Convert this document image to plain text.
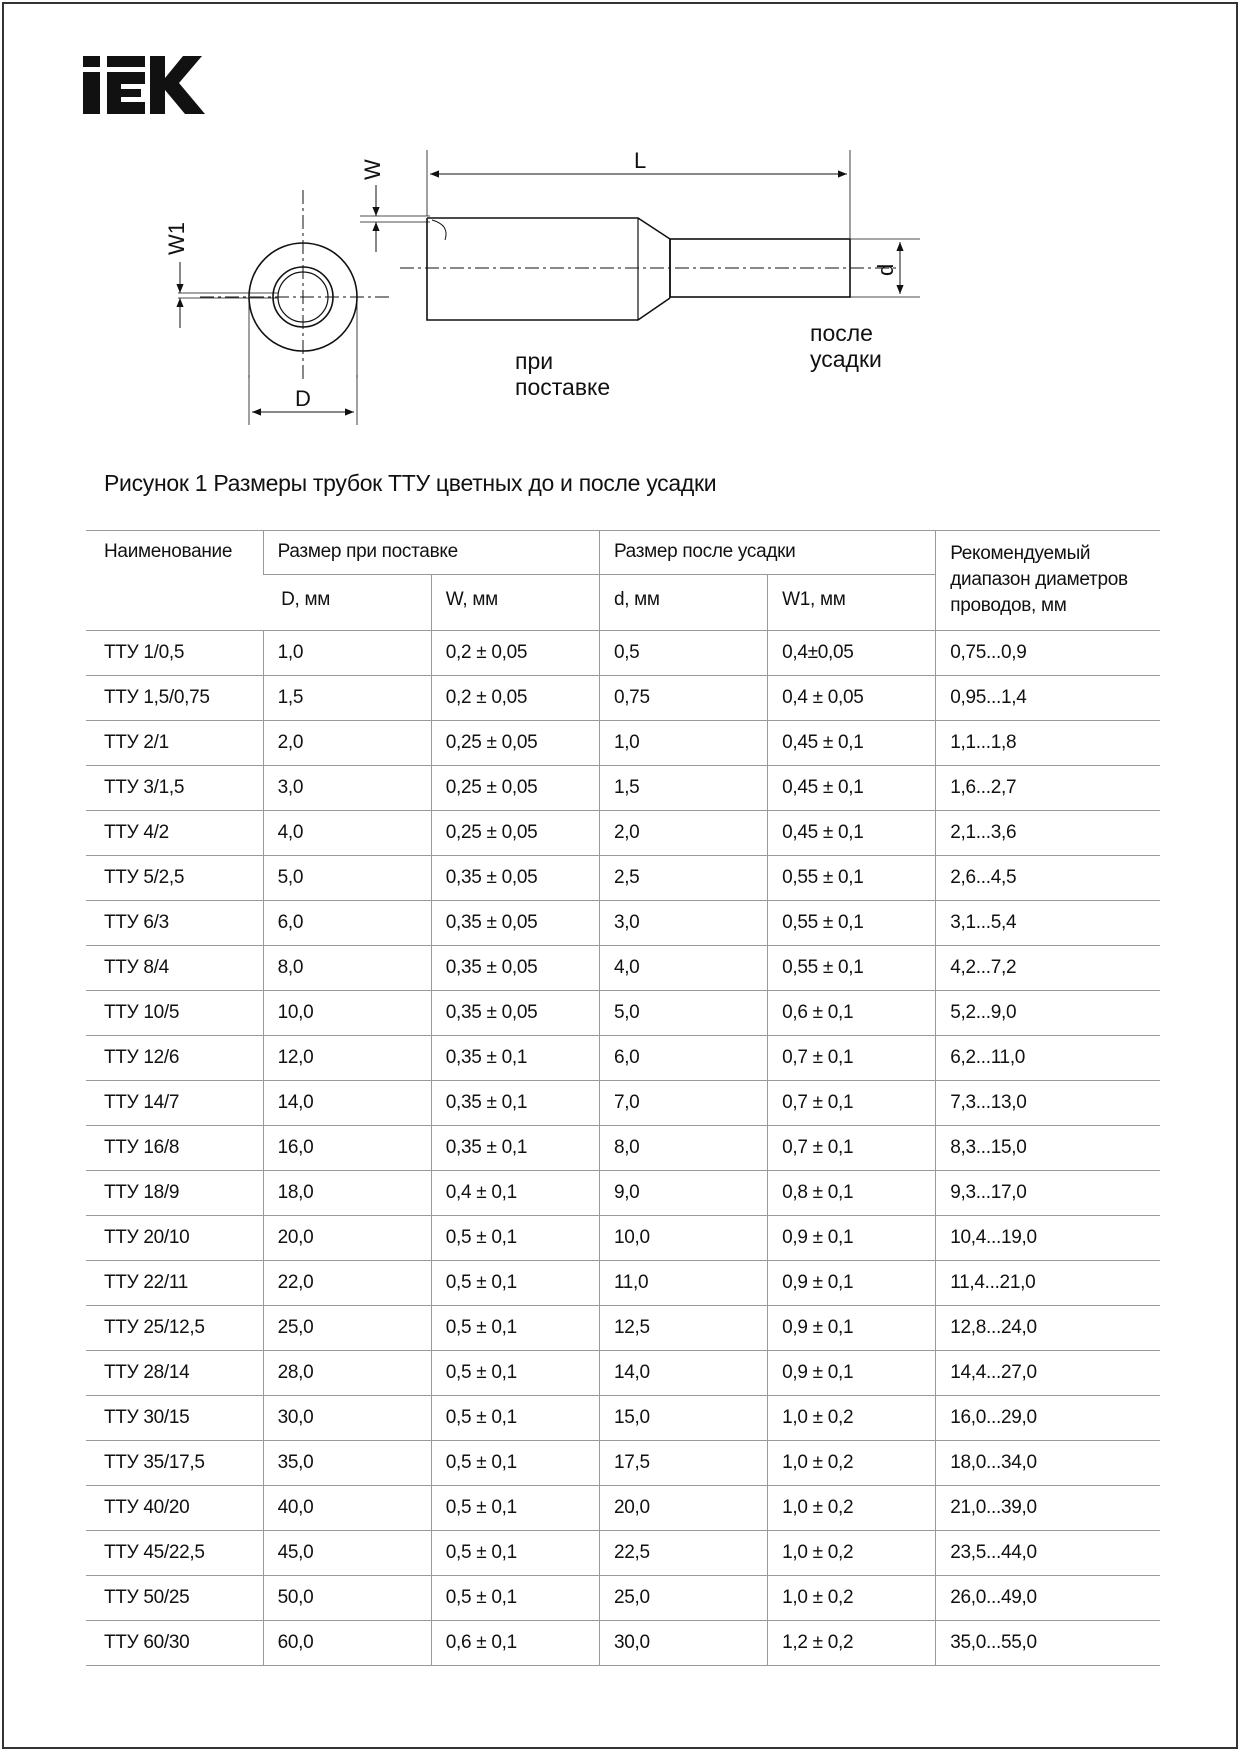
W
W1
L
D
d
при
поставке
после
усадки
Рисунок 1 Размеры трубок ТТУ цветных до и после усадки
Наименование	Размер при поставке		Размер после усадки		Рекомендуемый диапазон диаметров проводов, мм
	D, мм	W, мм	d, мм	W1, мм	
ТТУ 1/0,5	1,0	0,2 ± 0,05	0,5	0,4±0,05	0,75...0,9
ТТУ 1,5/0,75	1,5	0,2 ± 0,05	0,75	0,4 ± 0,05	0,95...1,4
ТТУ 2/1	2,0	0,25 ± 0,05	1,0	0,45 ± 0,1	1,1...1,8
ТТУ 3/1,5	3,0	0,25 ± 0,05	1,5	0,45 ± 0,1	1,6...2,7
ТТУ 4/2	4,0	0,25 ± 0,05	2,0	0,45 ± 0,1	2,1...3,6
ТТУ 5/2,5	5,0	0,35 ± 0,05	2,5	0,55 ± 0,1	2,6...4,5
ТТУ 6/3	6,0	0,35 ± 0,05	3,0	0,55 ± 0,1	3,1...5,4
ТТУ 8/4	8,0	0,35 ± 0,05	4,0	0,55 ± 0,1	4,2...7,2
ТТУ 10/5	10,0	0,35 ± 0,05	5,0	0,6 ± 0,1	5,2...9,0
ТТУ 12/6	12,0	0,35 ± 0,1	6,0	0,7 ± 0,1	6,2...11,0
ТТУ 14/7	14,0	0,35 ± 0,1	7,0	0,7 ± 0,1	7,3...13,0
ТТУ 16/8	16,0	0,35 ± 0,1	8,0	0,7 ± 0,1	8,3...15,0
ТТУ 18/9	18,0	0,4 ± 0,1	9,0	0,8 ± 0,1	9,3...17,0
ТТУ 20/10	20,0	0,5 ± 0,1	10,0	0,9 ± 0,1	10,4...19,0
ТТУ 22/11	22,0	0,5 ± 0,1	11,0	0,9 ± 0,1	11,4...21,0
ТТУ 25/12,5	25,0	0,5 ± 0,1	12,5	0,9 ± 0,1	12,8...24,0
ТТУ 28/14	28,0	0,5 ± 0,1	14,0	0,9 ± 0,1	14,4...27,0
ТТУ 30/15	30,0	0,5 ± 0,1	15,0	1,0 ± 0,2	16,0...29,0
ТТУ 35/17,5	35,0	0,5 ± 0,1	17,5	1,0 ± 0,2	18,0...34,0
ТТУ 40/20	40,0	0,5 ± 0,1	20,0	1,0 ± 0,2	21,0...39,0
ТТУ 45/22,5	45,0	0,5 ± 0,1	22,5	1,0 ± 0,2	23,5...44,0
ТТУ 50/25	50,0	0,5 ± 0,1	25,0	1,0 ± 0,2	26,0...49,0
ТТУ 60/30	60,0	0,6 ± 0,1	30,0	1,2 ± 0,2	35,0...55,0
